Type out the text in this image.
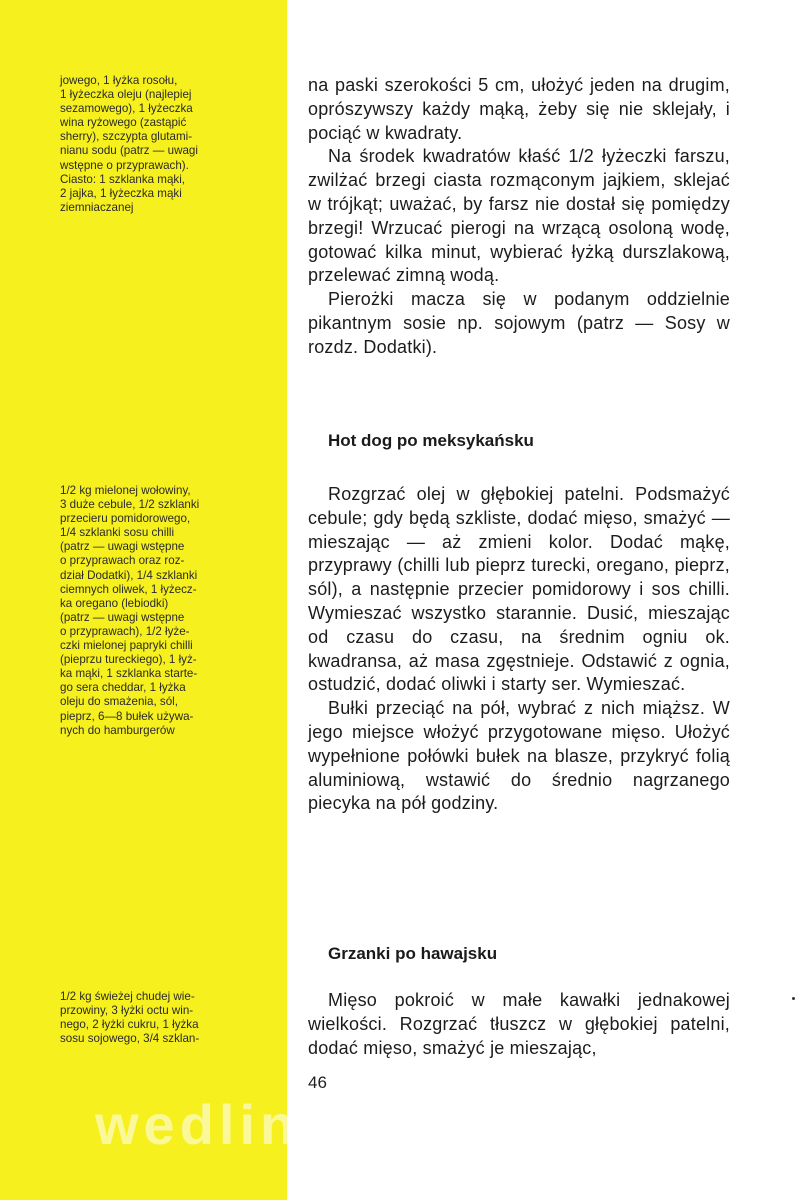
jowego, 1 łyżka rosołu,
1 łyżeczka oleju (najlepiej
sezamowego), 1 łyżeczka
wina ryżowego (zastąpić
sherry), szczypta glutami-
nianu sodu (patrz — uwagi
wstępne o przyprawach).
Ciasto: 1 szklanka mąki,
2 jajka, 1 łyżeczka mąki
ziemniaczanej
1/2 kg mielonej wołowiny,
3 duże cebule, 1/2 szklanki
przecieru pomidorowego,
1/4 szklanki sosu chilli
(patrz — uwagi wstępne
o przyprawach oraz roz-
dział Dodatki), 1/4 szklanki
ciemnych oliwek, 1 łyżecz-
ka oregano (lebiodki)
(patrz — uwagi wstępne
o przyprawach), 1/2 łyże-
czki mielonej papryki chilli
(pieprzu tureckiego), 1 łyż-
ka mąki, 1 szklanka starte-
go sera cheddar, 1 łyżka
oleju do smażenia, sól,
pieprz, 6—8 bułek używa-
nych do hamburgerów
1/2 kg świeżej chudej wie-
przowiny, 3 łyżki octu win-
nego, 2 łyżki cukru, 1 łyżka
sosu sojowego, 3/4 szklan-

na paski szerokości 5 cm, ułożyć jeden na drugim, oprószywszy każdy mąką, żeby się nie sklejały, i pociąć w kwadraty.

Na środek kwadratów kłaść 1/2 łyżeczki farszu, zwilżać brzegi ciasta rozmąconym jajkiem, sklejać w trójkąt; uważać, by farsz nie dostał się pomiędzy brzegi! Wrzucać pierogi na wrzącą osoloną wodę, gotować kilka minut, wybierać łyżką durszlakową, przelewać zimną wodą.

Pierożki macza się w podanym oddzielnie pikantnym sosie np. sojowym (patrz — Sosy w rozdz. Dodatki).

Hot dog po meksykańsku

Rozgrzać olej w głębokiej patelni. Podsmażyć cebule; gdy będą szkliste, dodać mięso, smażyć — mieszając — aż zmieni kolor. Dodać mąkę, przyprawy (chilli lub pieprz turecki, oregano, pieprz, sól), a następnie przecier pomidorowy i sos chilli. Wymieszać wszystko starannie. Dusić, mieszając od czasu do czasu, na średnim ogniu ok. kwadransa, aż masa zgęstnieje. Odstawić z ognia, ostudzić, dodać oliwki i starty ser. Wymieszać.

Bułki przeciąć na pół, wybrać z nich miąższ. W jego miejsce włożyć przygotowane mięso. Ułożyć wypełnione połówki bułek na blasze, przykryć folią aluminiową, wstawić do średnio nagrzanego piecyka na pół godziny.

Grzanki po hawajsku

Mięso pokroić w małe kawałki jednakowej wielkości. Rozgrzać tłuszcz w głębokiej patelni, dodać mięso, smażyć je mieszając,

46
wedlinydomowe.pl
